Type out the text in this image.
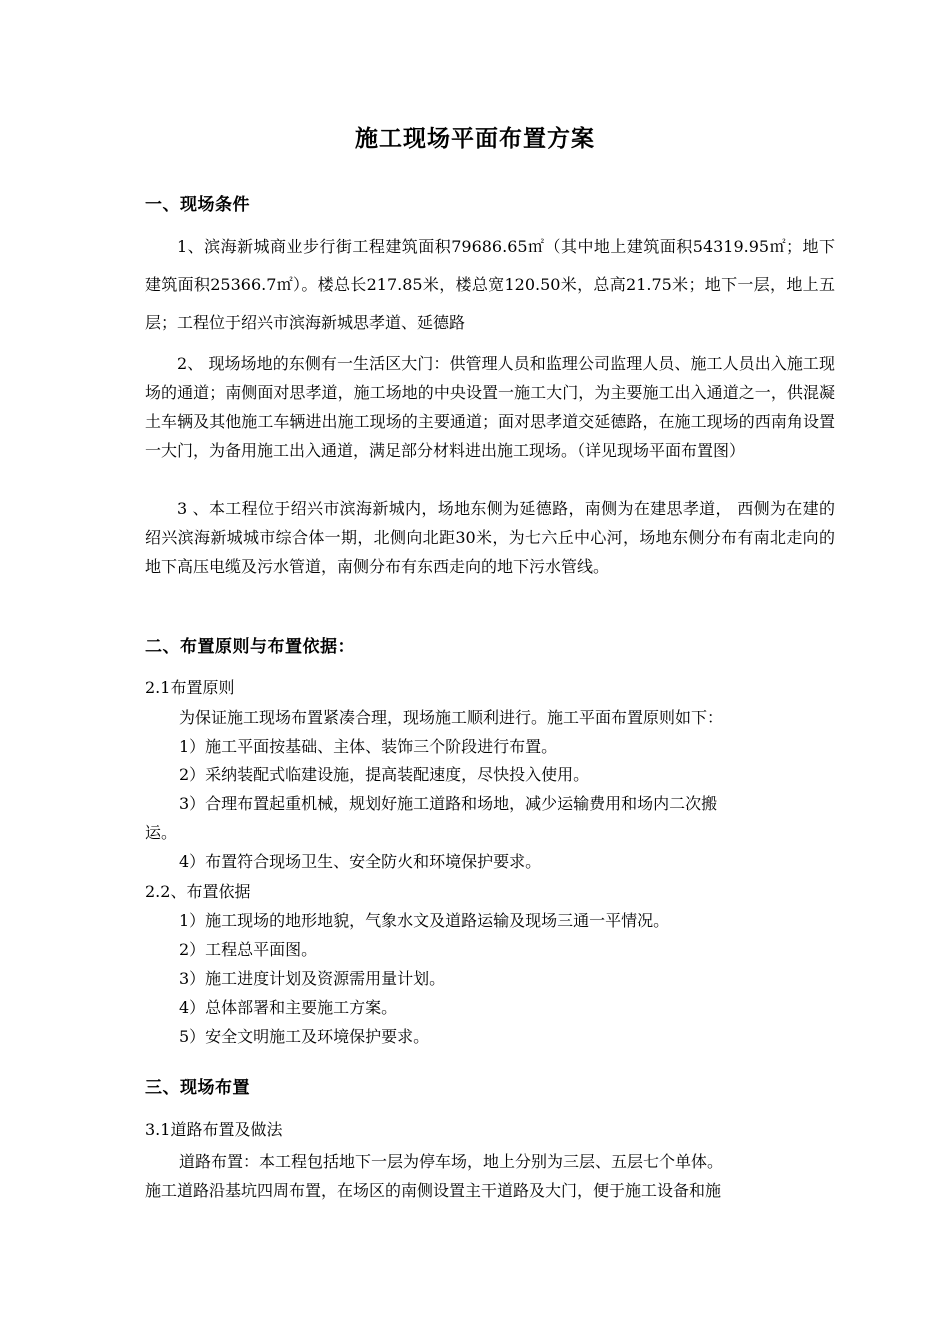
施工现场平面布置方案
一、现场条件
1、滨海新城商业步行街工程建筑面积79686.65㎡（其中地上建筑面积54319.95㎡；地下建筑面积25366.7㎡）。楼总长217.85米，楼总宽120.50米，总高21.75米；地下一层，地上五层；工程位于绍兴市滨海新城思孝道、延德路
2、 现场场地的东侧有一生活区大门：供管理人员和监理公司监理人员、施工人员出入施工现场的通道；南侧面对思孝道，施工场地的中央设置一施工大门，为主要施工出入通道之一，供混凝土车辆及其他施工车辆进出施工现场的主要通道；面对思孝道交延德路，在施工现场的西南角设置一大门，为备用施工出入通道，满足部分材料进出施工现场。（详见现场平面布置图）
3 、本工程位于绍兴市滨海新城内，场地东侧为延德路，南侧为在建思孝道， 西侧为在建的绍兴滨海新城城市综合体一期，北侧向北距30米，为七六丘中心河，场地东侧分布有南北走向的地下高压电缆及污水管道，南侧分布有东西走向的地下污水管线。
二、布置原则与布置依据：
2.1布置原则
为保证施工现场布置紧凑合理，现场施工顺利进行。施工平面布置原则如下：
1）施工平面按基础、主体、装饰三个阶段进行布置。
2）采纳装配式临建设施，提高装配速度，尽快投入使用。
3）合理布置起重机械，规划好施工道路和场地，减少运输费用和场内二次搬
运。
4）布置符合现场卫生、安全防火和环境保护要求。
2.2、布置依据
1）施工现场的地形地貌，气象水文及道路运输及现场三通一平情况。
2）工程总平面图。
3）施工进度计划及资源需用量计划。
4）总体部署和主要施工方案。
5）安全文明施工及环境保护要求。
三、现场布置
3.1道路布置及做法
道路布置：本工程包括地下一层为停车场，地上分别为三层、五层七个单体。
施工道路沿基坑四周布置，在场区的南侧设置主干道路及大门，便于施工设备和施
